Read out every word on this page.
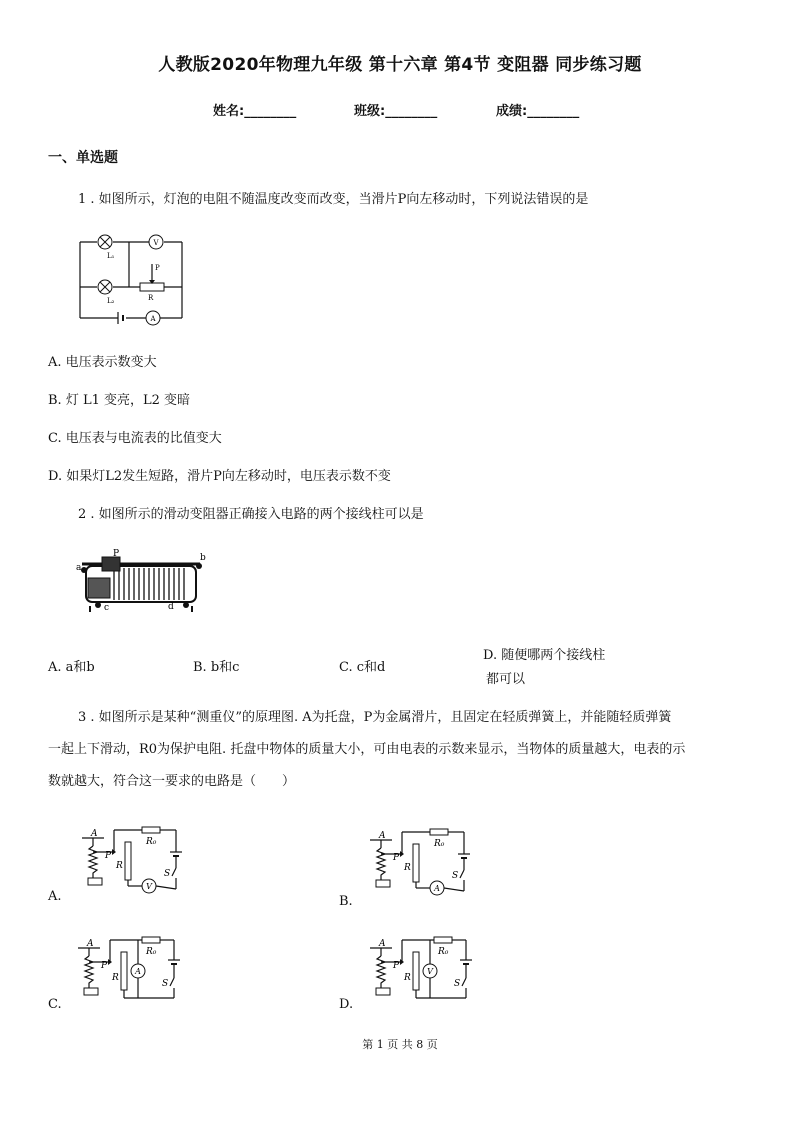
人教版2020年物理九年级 第十六章 第4节 变阻器 同步练习题
姓名:________	班级:________	成绩:________
一、单选题
1 . 如图所示，灯泡的电阻不随温度改变而改变，当滑片P向左移动时，下列说法错误的是
V
A
L₁
L₂
P
R
A. 电压表示数变大
B. 灯 L1 变亮，L2 变暗
C. 电压表与电流表的比值变大
D. 如果灯L2发生短路，滑片P向左移动时，电压表示数不变
2 . 如图所示的滑动变阻器正确接入电路的两个接线柱可以是
a
b
c	d
P
A. a和b	B. b和c	C. c和d
D. 随便哪两个接线柱
都可以
3 . 如图所示是某种“测重仪”的原理图. A为托盘，P为金属滑片，且固定在轻质弹簧上，并能随轻质弹簧
一起上下滑动，R0为保护电阻. 托盘中物体的质量大小，可由电表的示数来显示，当物体的质量越大，电表的示
数就越大，符合这一要求的电路是（　　）
V
A
P
R
R₀
S
A.
A
A
P
R
R₀
S
B.
A
A
P
R
R₀
S
C.
V
A
P
R
R₀
S
D.
第 1 页 共 8 页
